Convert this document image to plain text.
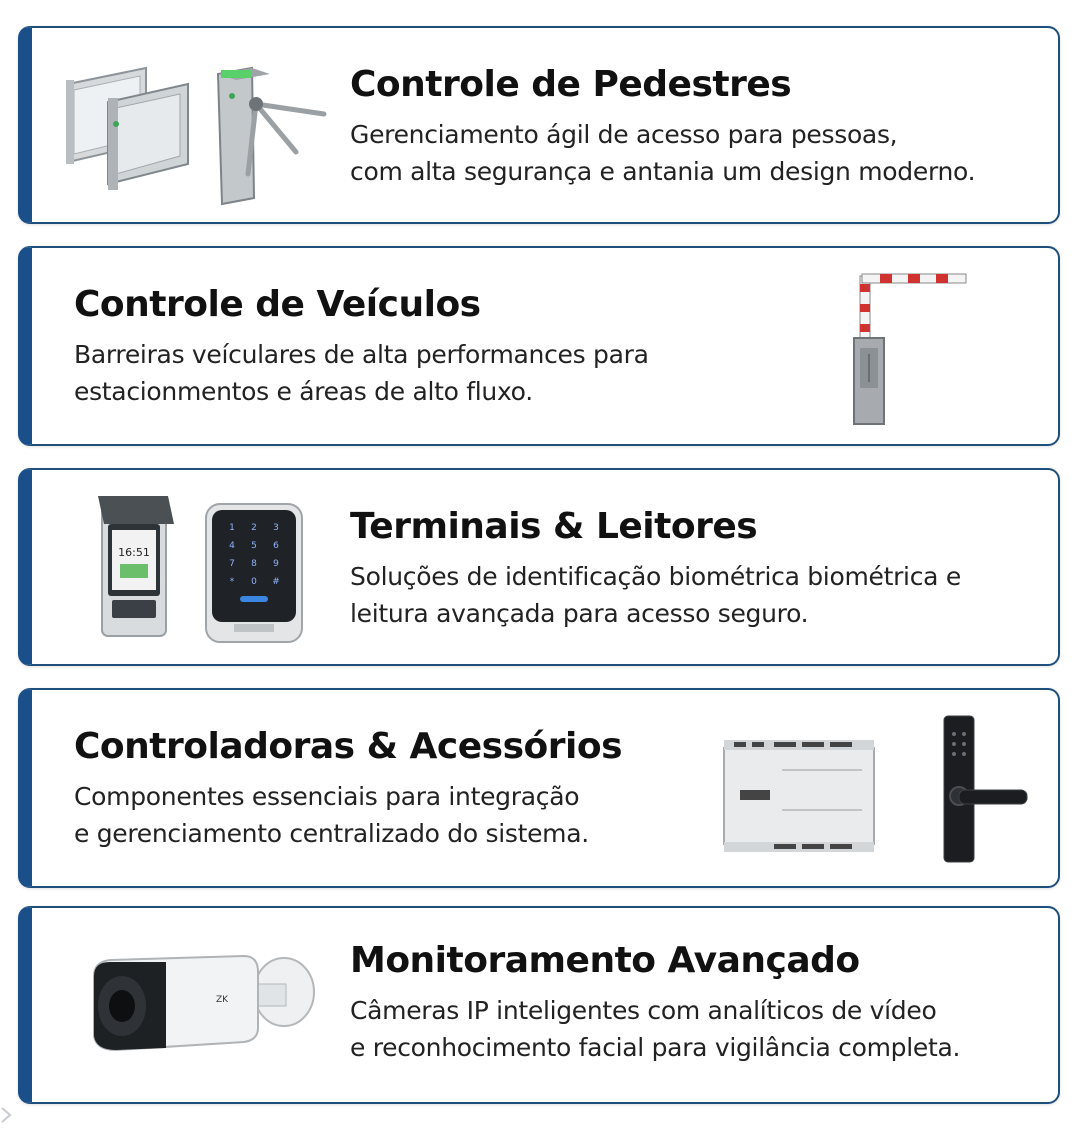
Controle de Pedestres

Gerenciamento ágil de acesso para pessoas,
com alta segurança e antania um design moderno.

Controle de Veículos

Barreiras veículares de alta performances para
estacionmentos e áreas de alto fluxo.

16:51
1 2 3
4 5 6
7 8 9
* 0 #
Terminais & Leitores

Soluções de identificação biométrica biométrica e
leitura avançada para acesso seguro.

Controladoras & Acessórios

Componentes essenciais para integração
e gerenciamento centralizado do sistema.

ZK
Monitoramento Avançado

Câmeras IP inteligentes com analíticos de vídeo
e reconhocimento facial para vigilância completa.
